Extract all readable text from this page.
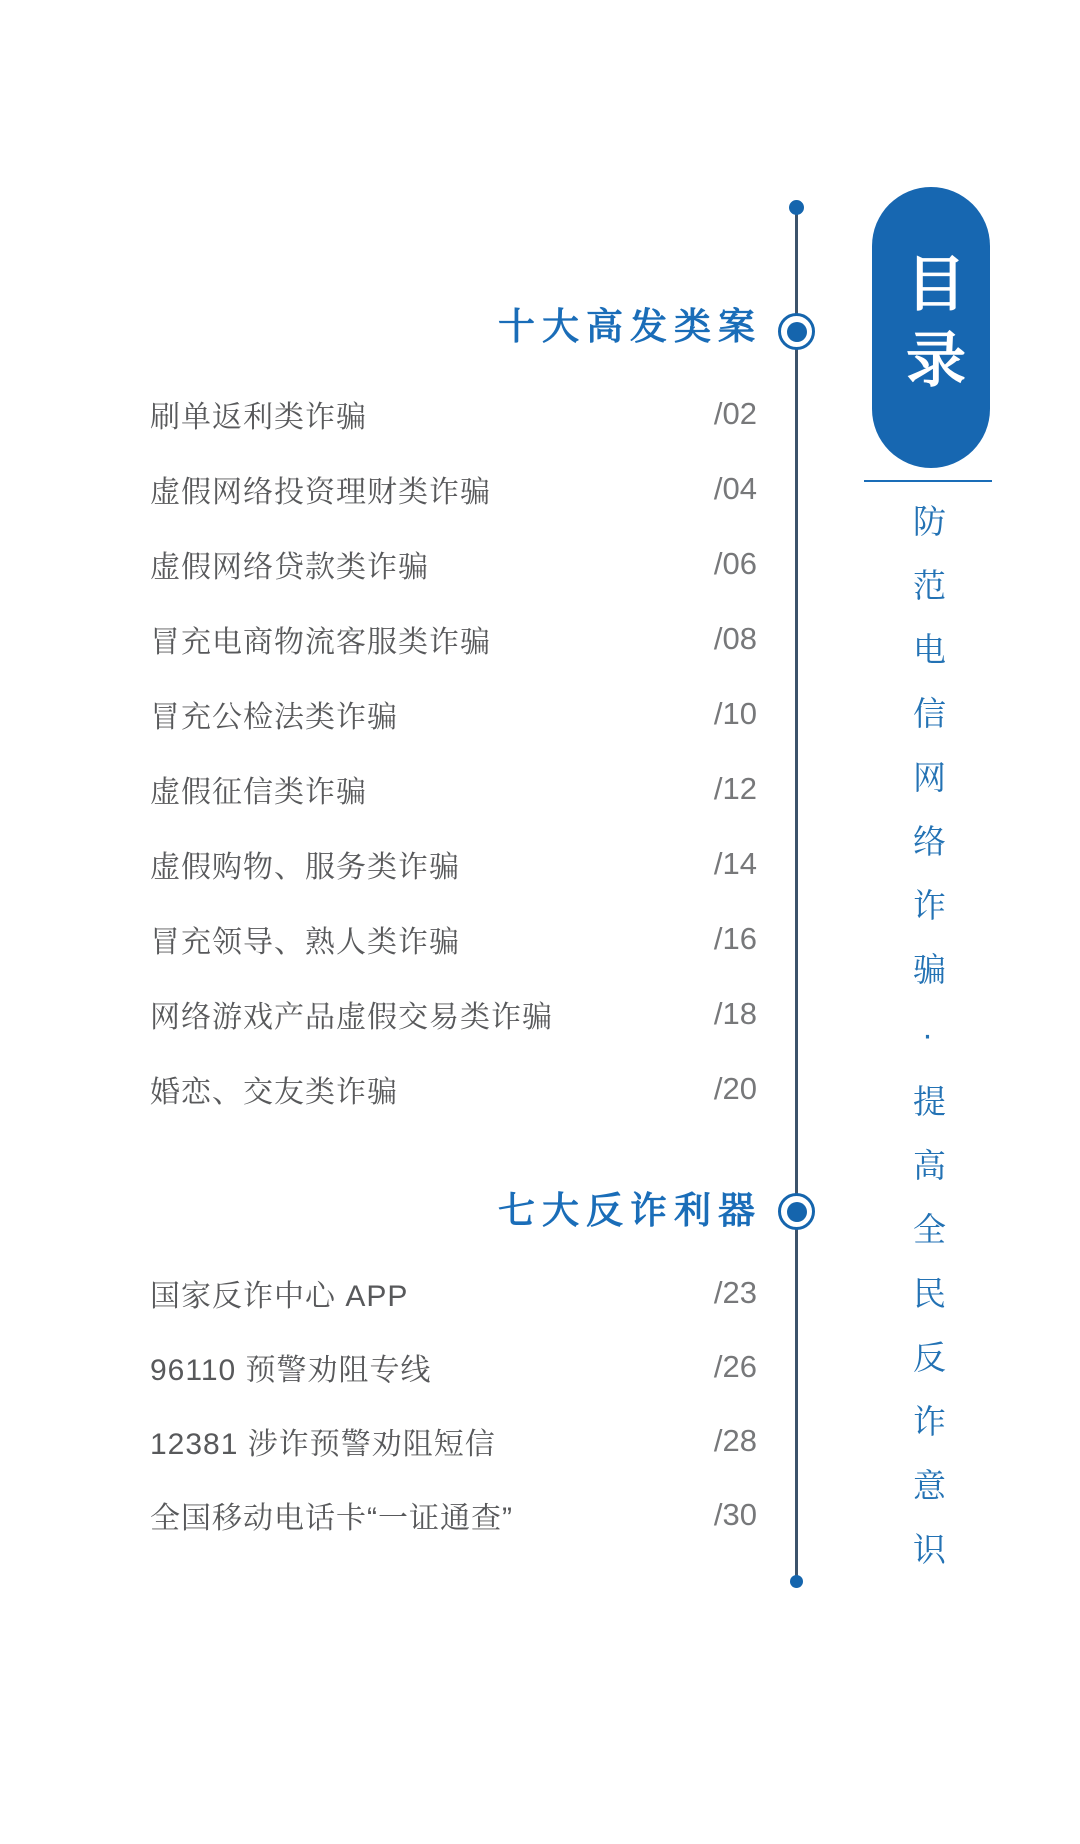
十大高发类案
刷单返利类诈骗	/02
虚假网络投资理财类诈骗	/04
虚假网络贷款类诈骗	/06
冒充电商物流客服类诈骗	/08
冒充公检法类诈骗	/10
虚假征信类诈骗	/12
虚假购物、服务类诈骗	/14
冒充领导、熟人类诈骗	/16
网络游戏产品虚假交易类诈骗	/18
婚恋、交友类诈骗	/20
七大反诈利器
国家反诈中心 APP	/23
96110 预警劝阻专线	/26
12381 涉诈预警劝阻短信	/28
全国移动电话卡“一证通查”	/30
目录
防范电信网络诈骗·提高全民反诈意识
